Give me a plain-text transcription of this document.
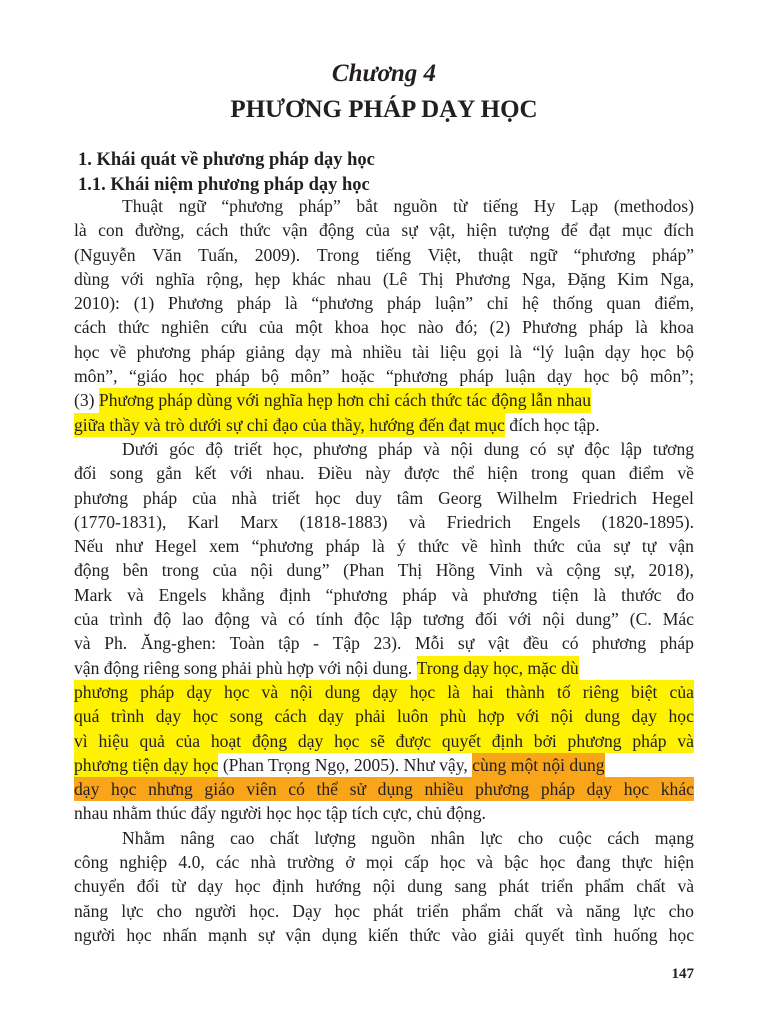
Chương 4
PHƯƠNG PHÁP DẠY HỌC
1. Khái quát về phương pháp dạy học
1.1. Khái niệm phương pháp dạy học
Thuật
ngữ
“phương
pháp”
bắt
nguồn
từ
tiếng
Hy
Lạp
(methodos)
là
con
đường,
cách
thức
vận
động
của
sự
vật,
hiện
tượng
để
đạt
mục
đích
(Nguyễn
Văn
Tuấn,
2009).
Trong
tiếng
Việt,
thuật
ngữ
“phương
pháp”
dùng
với
nghĩa
rộng,
hẹp
khác
nhau
(Lê
Thị
Phương
Nga,
Đặng
Kim
Nga,
2010):
(1)
Phương
pháp
là
“phương
pháp
luận”
chỉ
hệ
thống
quan
điểm,
cách
thức
nghiên
cứu
của
một
khoa
học
nào
đó;
(2)
Phương
pháp
là
khoa
học
về
phương
pháp
giảng
dạy
mà
nhiều
tài
liệu
gọi
là
“lý
luận
dạy
học
bộ
môn”,
“giáo
học
pháp
bộ
môn”
hoặc
“phương
pháp
luận
dạy
học
bộ
môn”;
(3) Phương pháp dùng với nghĩa hẹp hơn chỉ cách thức tác động lẫn nhau
giữa thầy và trò dưới sự chỉ đạo của thầy, hướng đến đạt mục đích học tập.
Dưới
góc
độ
triết
học,
phương
pháp
và
nội
dung
có
sự
độc
lập
tương
đối
song
gắn
kết
với
nhau.
Điều
này
được
thể
hiện
trong
quan
điểm
về
phương
pháp
của
nhà
triết
học
duy
tâm
Georg
Wilhelm
Friedrich
Hegel
(1770-1831),
Karl
Marx
(1818-1883)
và
Friedrich
Engels
(1820-1895).
Nếu
như
Hegel
xem
“phương
pháp
là
ý
thức
về
hình
thức
của
sự
tự
vận
động
bên
trong
của
nội
dung”
(Phan
Thị
Hồng
Vinh
và
cộng
sự,
2018),
Mark
và
Engels
khẳng
định
“phương
pháp
và
phương
tiện
là
thước
đo
của
trình
độ
lao
động
và
có
tính
độc
lập
tương
đối
với
nội
dung”
(C.
Mác
và
Ph.
Ăng-ghen:
Toàn
tập
-
Tập
23).
Mỗi
sự
vật
đều
có
phương
pháp
vận động riêng song phải phù hợp với nội dung. Trong dạy học, mặc dù
phương
pháp
dạy
học
và
nội
dung
dạy
học
là
hai
thành
tố
riêng
biệt
của
quá
trình
dạy
học
song
cách
dạy
phải
luôn
phù
hợp
với
nội
dung
dạy
học
vì
hiệu
quả
của
hoạt
động
dạy
học
sẽ
được
quyết
định
bởi
phương
pháp
và
phương tiện dạy học (Phan Trọng Ngọ, 2005). Như vậy, cùng một nội dung
dạy
học
nhưng
giáo
viên
có
thể
sử
dụng
nhiều
phương
pháp
dạy
học
khác
nhau nhằm thúc đẩy người học học tập tích cực, chủ động.
Nhằm
nâng
cao
chất
lượng
nguồn
nhân
lực
cho
cuộc
cách
mạng
công
nghiệp
4.0,
các
nhà
trường
ở
mọi
cấp
học
và
bậc
học
đang
thực
hiện
chuyển
đổi
từ
dạy
học
định
hướng
nội
dung
sang
phát
triển
phẩm
chất
và
năng
lực
cho
người
học.
Dạy
học
phát
triển
phẩm
chất
và
năng
lực
cho
người
học
nhấn
mạnh
sự
vận
dụng
kiến
thức
vào
giải
quyết
tình
huống
học
147
